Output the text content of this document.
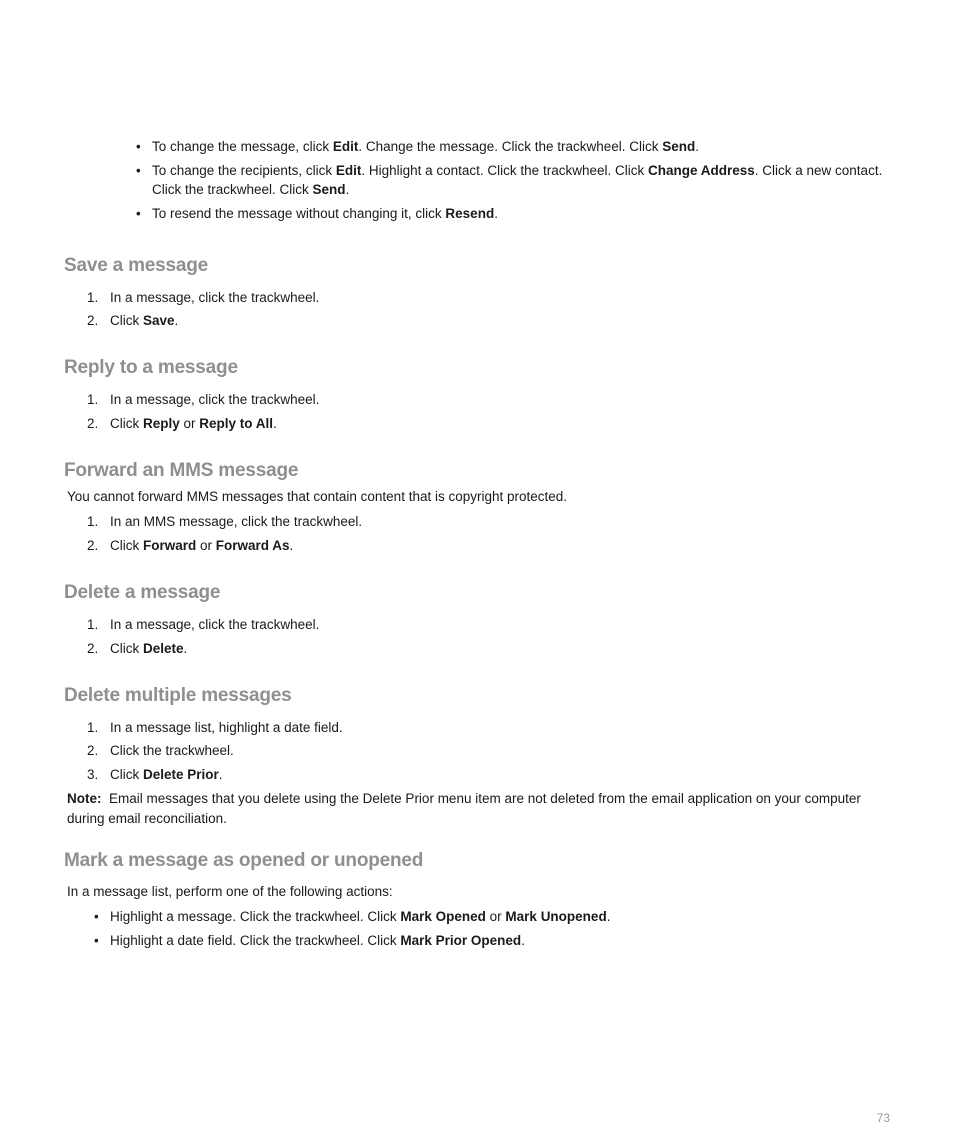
• To change the message, click Edit. Change the message. Click the trackwheel. Click Send.
• To change the recipients, click Edit. Highlight a contact. Click the trackwheel. Click Change Address. Click a new contact. Click the trackwheel. Click Send.
• To resend the message without changing it, click Resend.
Save a message
1. In a message, click the trackwheel.
2. Click Save.
Reply to a message
1. In a message, click the trackwheel.
2. Click Reply or Reply to All.
Forward an MMS message
You cannot forward MMS messages that contain content that is copyright protected.
1. In an MMS message, click the trackwheel.
2. Click Forward or Forward As.
Delete a message
1. In a message, click the trackwheel.
2. Click Delete.
Delete multiple messages
1. In a message list, highlight a date field.
2. Click the trackwheel.
3. Click Delete Prior.
Note: Email messages that you delete using the Delete Prior menu item are not deleted from the email application on your computer during email reconciliation.
Mark a message as opened or unopened
In a message list, perform one of the following actions:
• Highlight a message. Click the trackwheel. Click Mark Opened or Mark Unopened.
• Highlight a date field. Click the trackwheel. Click Mark Prior Opened.
73
